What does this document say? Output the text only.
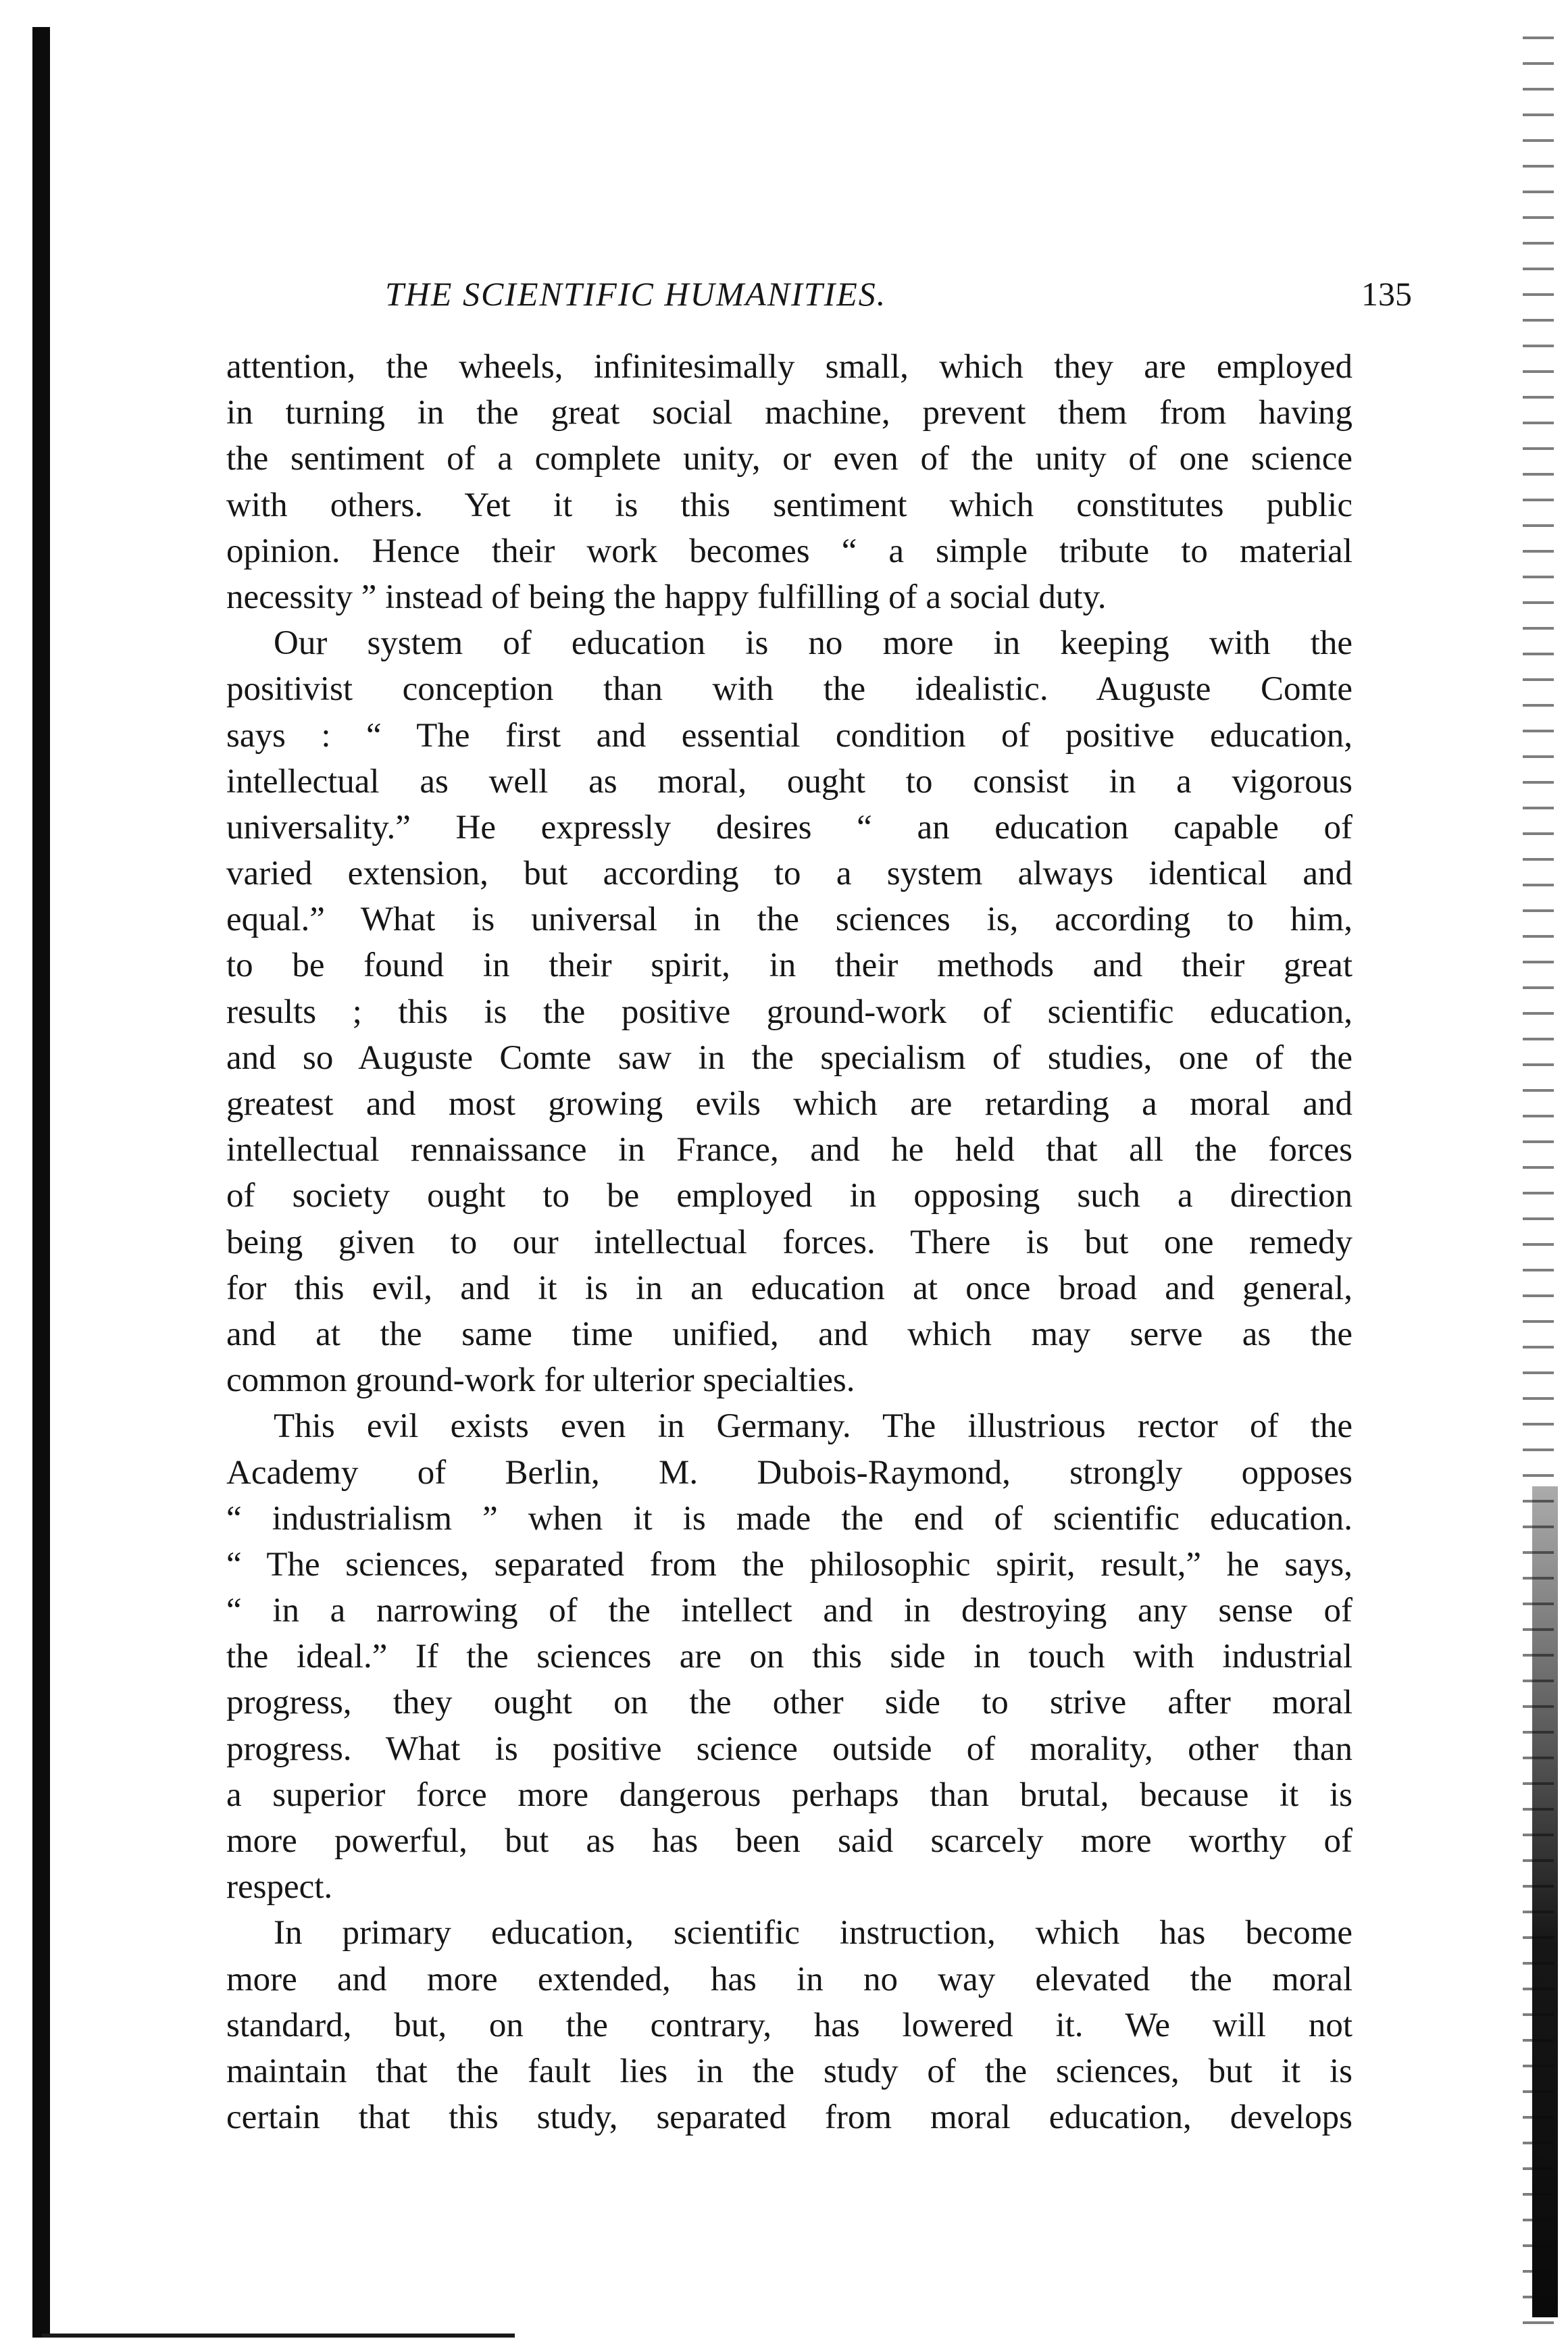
THE SCIENTIFIC HUMANITIES.	135
attention, the wheels, infinitesimally small, which they are employed
in turning in the great social machine, prevent them from having
the sentiment of a complete unity, or even of the unity of one science
with others. Yet it is this sentiment which constitutes public
opinion. Hence their work becomes “ a simple tribute to material
necessity ” instead of being the happy fulfilling of a social duty.
Our system of education is no more in keeping with the
positivist conception than with the idealistic. Auguste Comte
says : “ The first and essential condition of positive education,
intellectual as well as moral, ought to consist in a vigorous
universality.” He expressly desires “ an education capable of
varied extension, but according to a system always identical and
equal.” What is universal in the sciences is, according to him,
to be found in their spirit, in their methods and their great
results ; this is the positive ground-work of scientific education,
and so Auguste Comte saw in the specialism of studies, one of the
greatest and most growing evils which are retarding a moral and
intellectual rennaissance in France, and he held that all the forces
of society ought to be employed in opposing such a direction
being given to our intellectual forces. There is but one remedy
for this evil, and it is in an education at once broad and general,
and at the same time unified, and which may serve as the
common ground-work for ulterior specialties.
This evil exists even in Germany. The illustrious rector of the
Academy of Berlin, M. Dubois-Raymond, strongly opposes
“ industrialism ” when it is made the end of scientific education.
“ The sciences, separated from the philosophic spirit, result,” he says,
“ in a narrowing of the intellect and in destroying any sense of
the ideal.” If the sciences are on this side in touch with industrial
progress, they ought on the other side to strive after moral
progress. What is positive science outside of morality, other than
a superior force more dangerous perhaps than brutal, because it is
more powerful, but as has been said scarcely more worthy of
respect.
In primary education, scientific instruction, which has become
more and more extended, has in no way elevated the moral
standard, but, on the contrary, has lowered it. We will not
maintain that the fault lies in the study of the sciences, but it is
certain that this study, separated from moral education, develops
